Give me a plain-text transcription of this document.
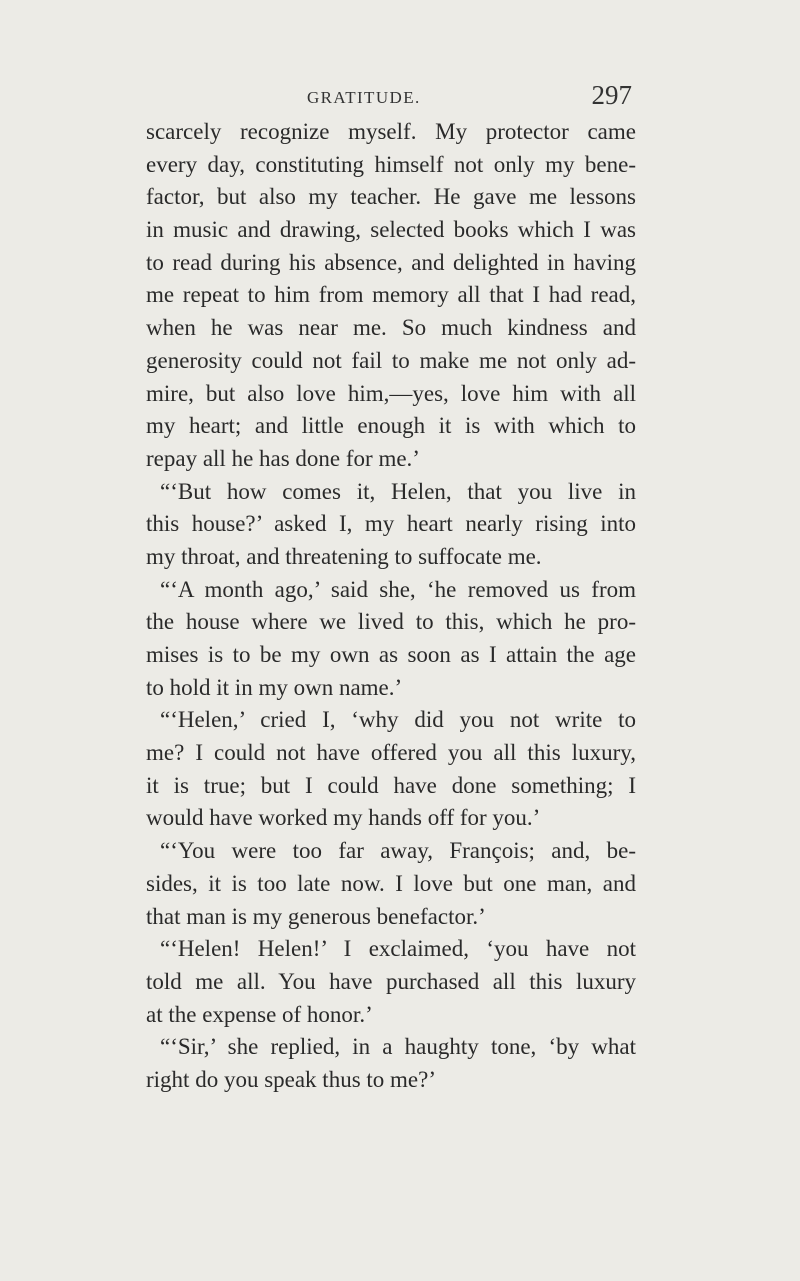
GRATITUDE.	297
scarcely recognize myself. My protector came
every day, constituting himself not only my bene-
factor, but also my teacher. He gave me lessons
in music and drawing, selected books which I was
to read during his absence, and delighted in having
me repeat to him from memory all that I had read,
when he was near me. So much kindness and
generosity could not fail to make me not only ad-
mire, but also love him,—yes, love him with all
my heart; and little enough it is with which to
repay all he has done for me.’
“‘But how comes it, Helen, that you live in
this house?’ asked I, my heart nearly rising into
my throat, and threatening to suffocate me.
“‘A month ago,’ said she, ‘he removed us from
the house where we lived to this, which he pro-
mises is to be my own as soon as I attain the age
to hold it in my own name.’
“‘Helen,’ cried I, ‘why did you not write to
me? I could not have offered you all this luxury,
it is true; but I could have done something; I
would have worked my hands off for you.’
“‘You were too far away, François; and, be-
sides, it is too late now. I love but one man, and
that man is my generous benefactor.’
“‘Helen! Helen!’ I exclaimed, ‘you have not
told me all. You have purchased all this luxury
at the expense of honor.’
“‘Sir,’ she replied, in a haughty tone, ‘by what
right do you speak thus to me?’
